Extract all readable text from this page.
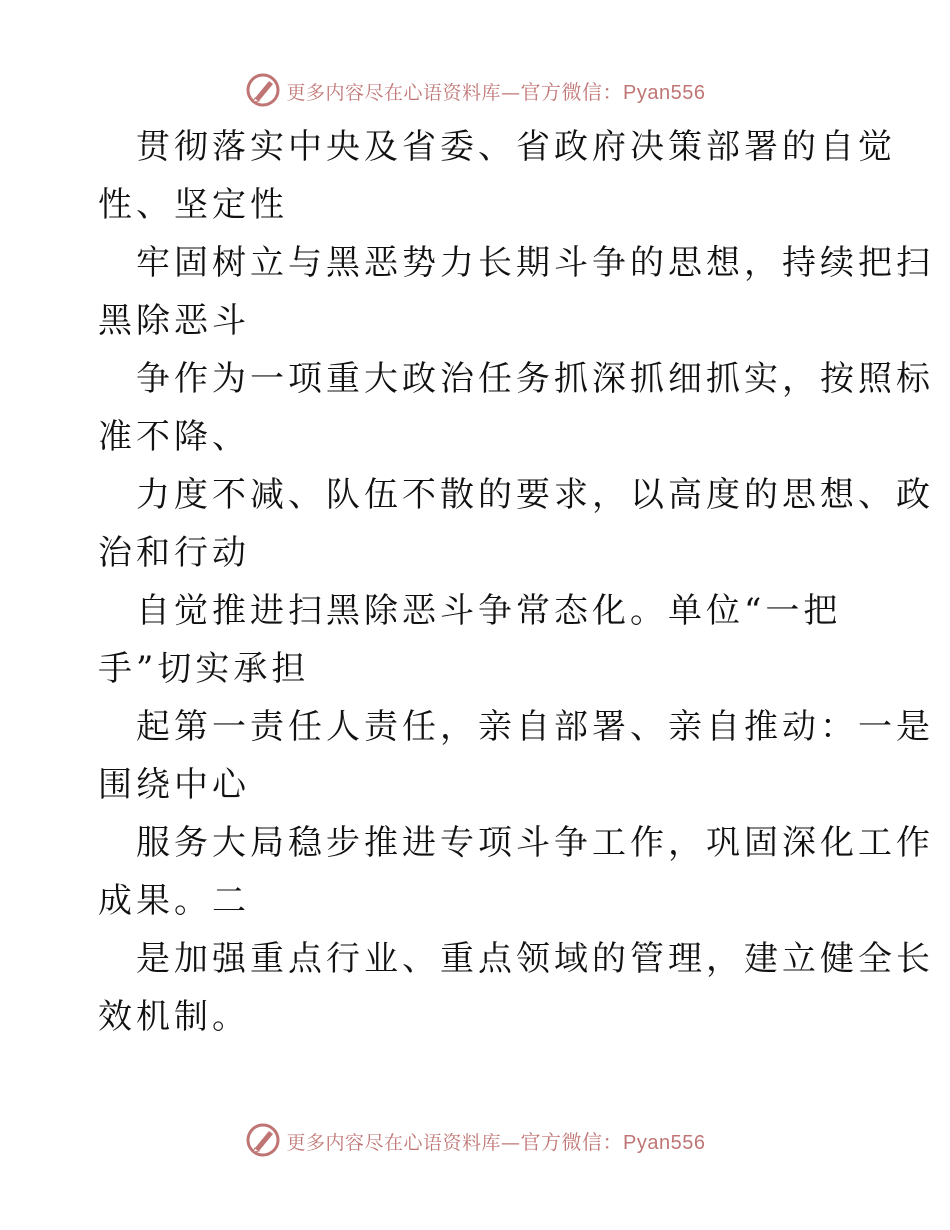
更多内容尽在心语资料库—官方微信：Pyan556

贯彻落实中央及省委、省政府决策部署的自觉
性、坚定性

牢固树立与黑恶势力长期斗争的思想，持续把扫
黑除恶斗

争作为一项重大政治任务抓深抓细抓实，按照标
准不降、

力度不减、队伍不散的要求，以高度的思想、政
治和行动

自觉推进扫黑除恶斗争常态化。单位“一把
手”切实承担

起第一责任人责任，亲自部署、亲自推动：一是
围绕中心

服务大局稳步推进专项斗争工作，巩固深化工作
成果。二

是加强重点行业、重点领域的管理，建立健全长
效机制。

更多内容尽在心语资料库—官方微信：Pyan556
